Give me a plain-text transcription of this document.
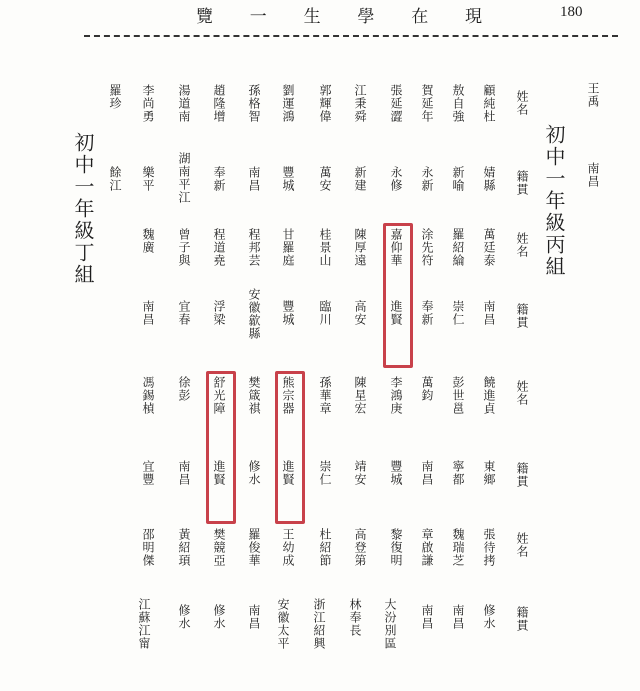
覽 一 生 學 在 現	180
初中一年級丙組
初中一年級丁組
王禹
南昌
姓名
籍貫
顧純杜
婧縣
敖自強
新喻
賀延年
永新
張延澀
永修
江秉舜
新建
郭輝偉
萬安
劉運鴻
豐城
孫格智
南昌
趙隆增
奉新
湯道南
湖南平江
李尚勇
樂平
羅珍
餘江
姓名
籍貫
萬廷泰
南昌
羅紹綸
崇仁
涂先符
奉新
嘉仰華
進賢
陳厚遠
高安
桂景山
臨川
甘羅庭
豐城
程邦芸
安徽歙縣
程道堯
浮梁
曾子與
宜春
魏廣
南昌
姓名
籍貫
饒進貞
東鄉
彭世邕
寧都
萬鈞
南昌
李鴻庚
豐城
陳星宏
靖安
孫華章
崇仁
熊宗器
進賢
樊箴祺
修水
舒光障
進賢
徐彭
南昌
馮錫楨
宜豐
姓名
籍貫
張待拷
修水
魏瑞芝
南昌
章啟謙
南昌
黎復明
大汾別區
高登第
林奉長
杜紹節
浙江紹興
王幼成
安徽太平
羅俊華
南昌
樊競亞
修水
黃紹頊
修水
邵明傑
江蘇江甯
